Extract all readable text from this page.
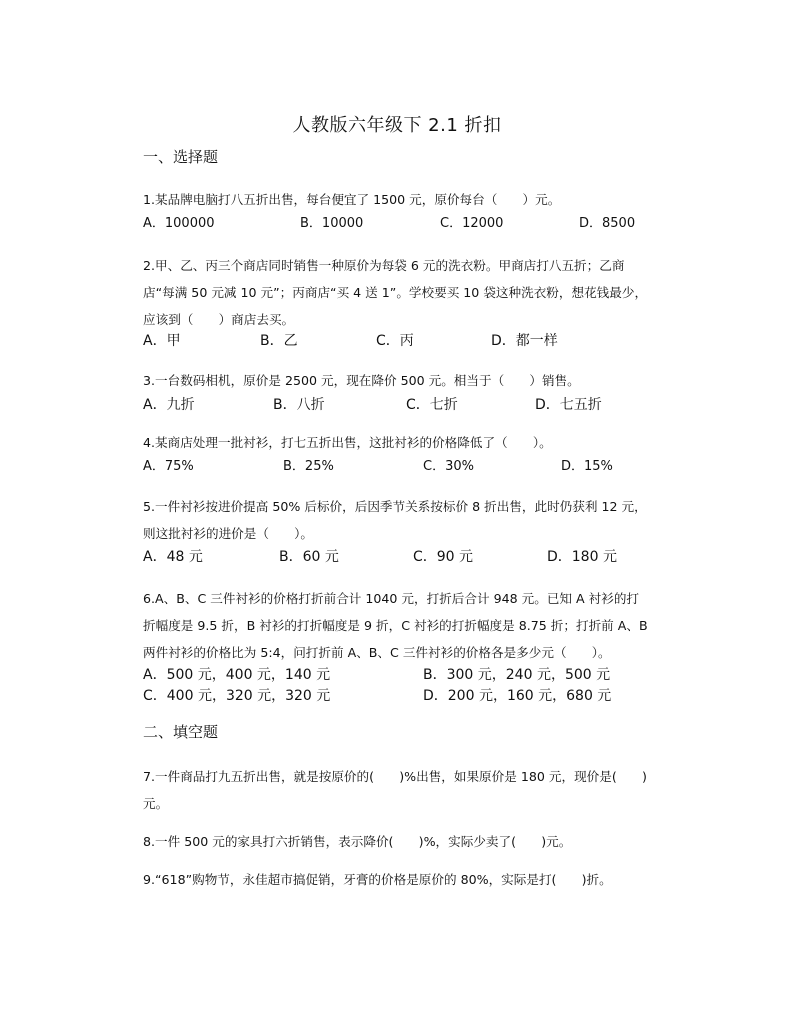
人教版六年级下 2.1 折扣
一、选择题
1.某品牌电脑打八五折出售，每台便宜了 1500 元，原价每台（　　）元。
A．100000	B．10000	C．12000	D．8500
2.甲、乙、丙三个商店同时销售一种原价为每袋 6 元的洗衣粉。甲商店打八五折；乙商店“每满 50 元减 10 元”；丙商店“买 4 送 1”。学校要买 10 袋这种洗衣粉，想花钱最少，应该到（　　）商店去买。
A．甲	B．乙	C．丙	D．都一样
3.一台数码相机，原价是 2500 元，现在降价 500 元。相当于（　　）销售。
A．九折	B．八折	C．七折	D．七五折
4.某商店处理一批衬衫，打七五折出售，这批衬衫的价格降低了（　　）。
A．75%	B．25%	C．30%	D．15%
5.一件衬衫按进价提高 50% 后标价，后因季节关系按标价 8 折出售，此时仍获利 12 元，则这批衬衫的进价是（　　）。
A．48 元	B．60 元	C．90 元	D．180 元
6.A、B、C 三件衬衫的价格打折前合计 1040 元，打折后合计 948 元。已知 A 衬衫的打折幅度是 9.5 折，B 衬衫的打折幅度是 9 折，C 衬衫的打折幅度是 8.75 折；打折前 A、B 两件衬衫的价格比为 5:4，问打折前 A、B、C 三件衬衫的价格各是多少元（　　）。
A．500 元，400 元，140 元	B．300 元，240 元，500 元
C．400 元，320 元，320 元	D．200 元，160 元，680 元
二、填空题
7.一件商品打九五折出售，就是按原价的(　　)%出售，如果原价是 180 元，现价是(　　)元。
8.一件 500 元的家具打六折销售，表示降价(　　)%，实际少卖了(　　)元。
9.“618”购物节，永佳超市搞促销，牙膏的价格是原价的 80%，实际是打(　　)折。
